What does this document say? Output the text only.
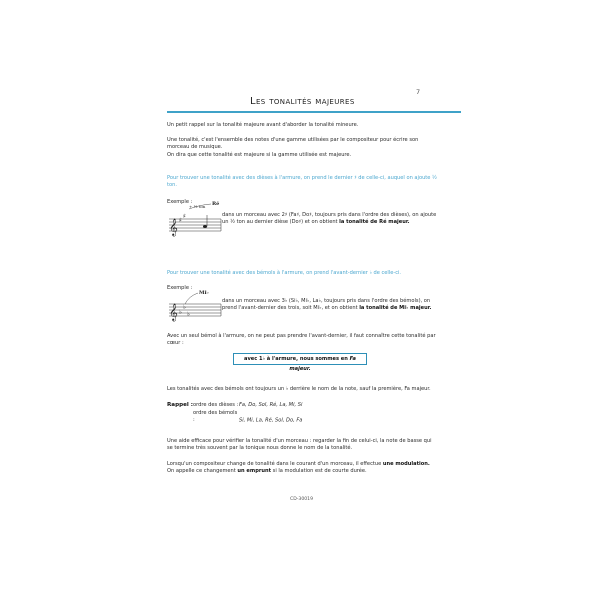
7
Les tonalités majeures
Un petit rappel sur la tonalité majeure avant d'aborder la tonalité mineure.
Une tonalité, c'est l'ensemble des notes d'une gamme utilisées par le compositeur pour écrire son morceau de musique.
On dira que cette tonalité est majeure si la gamme utilisée est majeure.
Pour trouver une tonalité avec des dièses à l'armure, on prend le dernier ♯ de celle-ci, auquel on ajoute ½ ton.
Exemple :
𝄞 ♯
♯
+ ½ ton Ré
dans un morceau avec 2♯ (Fa♯, Do♯, toujours pris dans l'ordre des dièses), on ajoute un ½ ton au dernier dièse (Do♯) et on obtient la tonalité de Ré majeur.
Pour trouver une tonalité avec des bémols à l'armure, on prend l'avant-dernier ♭ de celle-ci.
Exemple :
𝄞 ♭
♭
♭
Mi♭
dans un morceau avec 3♭ (Si♭, Mi♭, La♭, toujours pris dans l'ordre des bémols), on prend l'avant-dernier des trois, soit Mi♭, et on obtient la tonalité de Mi♭ majeur.
Avec un seul bémol à l'armure, on ne peut pas prendre l'avant-dernier, il faut connaître cette tonalité par cœur :
avec 1♭ à l'armure, nous sommes en Fa majeur.
Les tonalités avec des bémols ont toujours un ♭ derrière le nom de la note, sauf la première, Fa majeur.
Rappel :ordre des dièses :Fa, Do, Sol, Ré, La, Mi, Si
ordre des bémols :	Si, Mi, La, Ré, Sol, Do, Fa
Une aide efficace pour vérifier la tonalité d'un morceau : regarder la fin de celui-ci, la note de basse qui se termine très souvent par la tonique nous donne le nom de la tonalité.
Lorsqu'un compositeur change de tonalité dans le courant d'un morceau, il effectue une modulation. On appelle ce changement un emprunt si la modulation est de courte durée.
CD-30019
